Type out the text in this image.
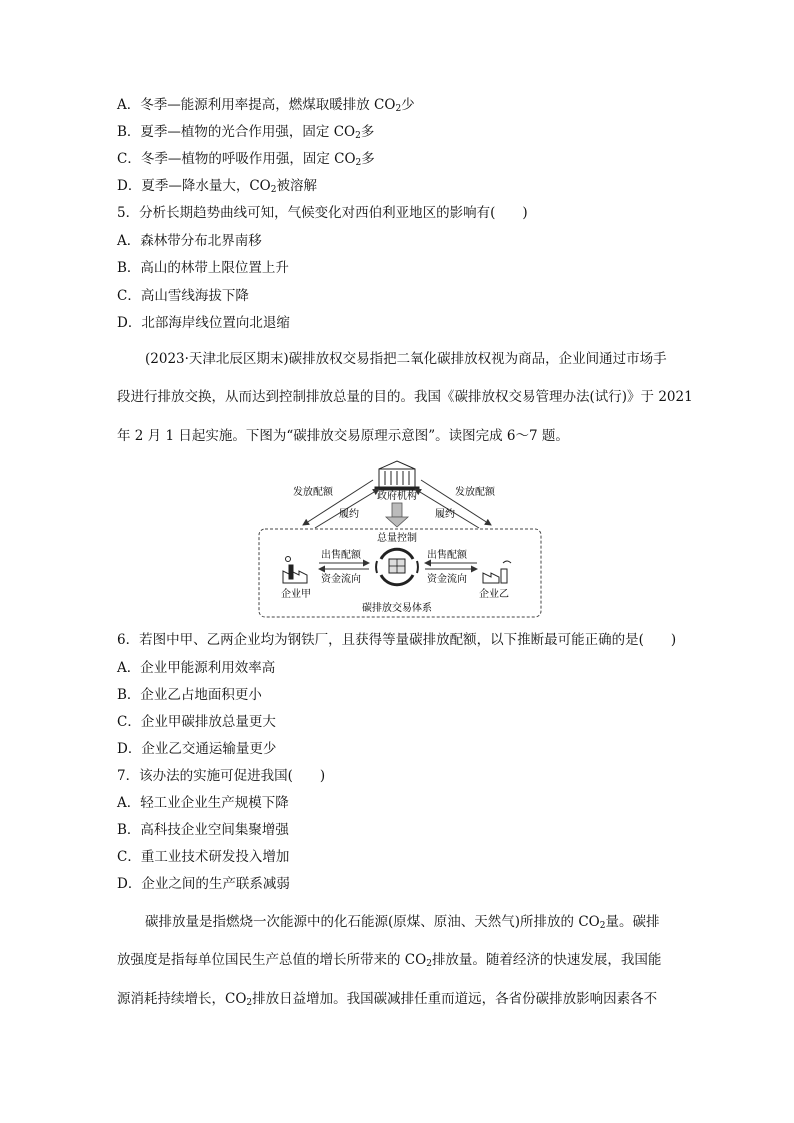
A．冬季—能源利用率提高，燃煤取暖排放 $CO_2$少
B．夏季—植物的光合作用强，固定 $CO_2$多
C．冬季—植物的呼吸作用强，固定 $CO_2$多
D．夏季—降水量大，$CO_2$被溶解
5．分析长期趋势曲线可知，气候变化对西伯利亚地区的影响有(　　)
A．森林带分布北界南移
B．高山的林带上限位置上升
C．高山雪线海拔下降
D．北部海岸线位置向北退缩
(2023·天津北辰区期末)碳排放权交易指把二氧化碳排放权视为商品，企业间通过市场手
段进行排放交换，从而达到控制排放总量的目的。我国《碳排放权交易管理办法(试行)》于 2021
年 2 月 1 日起实施。下图为“碳排放交易原理示意图”。读图完成 6～7 题。
政府机构
发放配额	发放配额
履约	履约
总量控制
企业甲	企业乙
出售配额
资金流向
出售配额
资金流向
碳排放交易体系
6．若图中甲、乙两企业均为钢铁厂，且获得等量碳排放配额，以下推断最可能正确的是(　　)
A．企业甲能源利用效率高
B．企业乙占地面积更小
C．企业甲碳排放总量更大
D．企业乙交通运输量更少
7．该办法的实施可促进我国(　　)
A．轻工业企业生产规模下降
B．高科技企业空间集聚增强
C．重工业技术研发投入增加
D．企业之间的生产联系减弱
碳排放量是指燃烧一次能源中的化石能源(原煤、原油、天然气)所排放的 $CO_2$量。碳排
放强度是指每单位国民生产总值的增长所带来的 $CO_2$排放量。随着经济的快速发展，我国能
源消耗持续增长，$CO_2$排放日益增加。我国碳减排任重而道远，各省份碳排放影响因素各不
